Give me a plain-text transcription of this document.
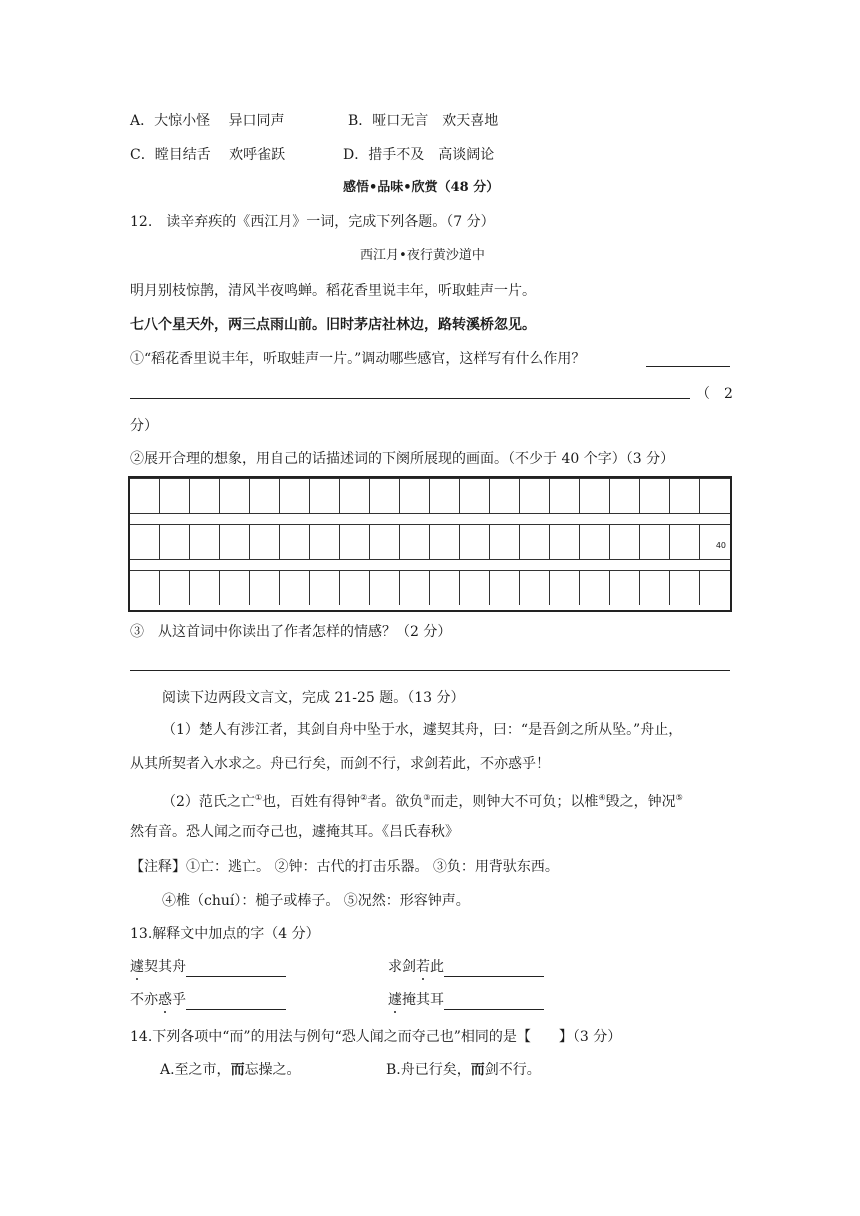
A．大惊小怪　 异口同声	B．哑口无言　欢天喜地
C．瞠目结舌　 欢呼雀跃	D．措手不及　高谈阔论
感悟•品味•欣赏（48 分）
12.　读辛弃疾的《西江月》一词，完成下列各题。（7 分）
西江月•夜行黄沙道中
明月别枝惊鹊，清风半夜鸣蝉。稻花香里说丰年，听取蛙声一片。
七八个星天外，两三点雨山前。旧时茅店社林边，路转溪桥忽见。
①“稻花香里说丰年，听取蛙声一片。”调动哪些感官，这样写有什么作用？
（　2
分）
②展开合理的想象，用自己的话描述词的下阕所展现的画面。（不少于 40 个字）（3 分）
40
③　从这首词中你读出了作者怎样的情感？（2 分）
阅读下边两段文言文，完成 21-25 题。（13 分）
（1）楚人有涉江者，其剑自舟中坠于水，遽契其舟，曰：“是吾剑之所从坠。”舟止，
从其所契者入水求之。舟已行矣，而剑不行，求剑若此，不亦惑乎！
（2）范氏之亡①也，百姓有得钟②者。欲负③而走，则钟大不可负；以椎④毁之，钟况⑤
然有音。恐人闻之而夺己也，遽掩其耳。《吕氏春秋》
【注释】①亡：逃亡。 ②钟：古代的打击乐器。 ③负：用背驮东西。
④椎（chuí）：槌子或棒子。 ⑤况然：形容钟声。
13.解释文中加点的字（4 分）
遽契其舟	求剑若此
不亦惑乎	遽掩其耳
14.下列各项中“而”的用法与例句“恐人闻之而夺己也”相同的是【　　】（3 分）
A.至之市，而忘操之。	B.舟已行矣，而剑不行。
